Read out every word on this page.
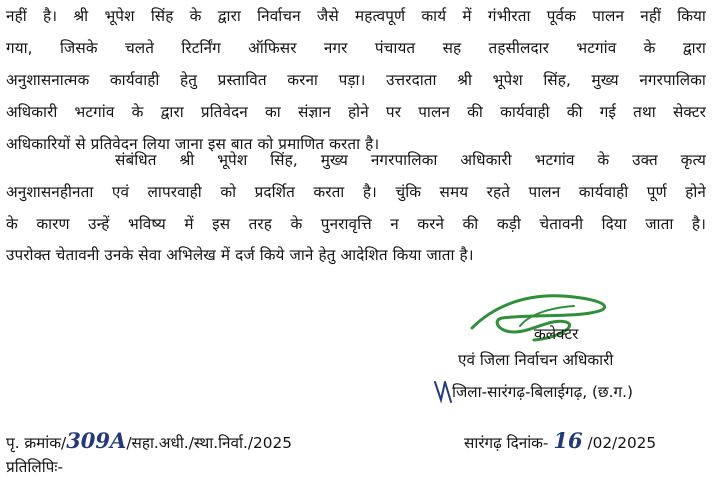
नहीं है। श्री भूपेश सिंह के द्वारा निर्वाचन जैसे महत्वपूर्ण कार्य में गंभीरता पूर्वक पालन नहीं किया
गया, जिसके चलते रिटर्निंग ऑफिसर नगर पंचायत सह तहसीलदार भटगांव के द्वारा
अनुशासनात्मक कार्यवाही हेतु प्रस्तावित करना पड़ा। उत्तरदाता श्री भूपेश सिंह, मुख्य नगरपालिका
अधिकारी भटगांव के द्वारा प्रतिवेदन का संज्ञान होने पर पालन की कार्यवाही की गई तथा सेक्टर
अधिकारियों से प्रतिवेदन लिया जाना इस बात को प्रमाणित करता है।
संबंधित श्री भूपेश सिंह, मुख्य नगरपालिका अधिकारी भटगांव के उक्त कृत्य
अनुशासनहीनता एवं लापरवाही को प्रदर्शित करता है। चुंकि समय रहते पालन कार्यवाही पूर्ण होने
के कारण उन्हें भविष्य में इस तरह के पुनरावृत्ति न करने की कड़ी चेतावनी दिया जाता है।
उपरोक्त चेतावनी उनके सेवा अभिलेख में दर्ज किये जाने हेतु आदेशित किया जाता है।
कलेक्टर
एवं जिला निर्वाचन अधिकारी
जिला-सारंगढ़-बिलाईगढ़, (छ.ग.)
पृ. क्रमांक/309A/सहा.अधी./स्था.निर्वा./2025	सारंगढ़ दिनांक- 16 /02/2025
प्रतिलिपिः-
